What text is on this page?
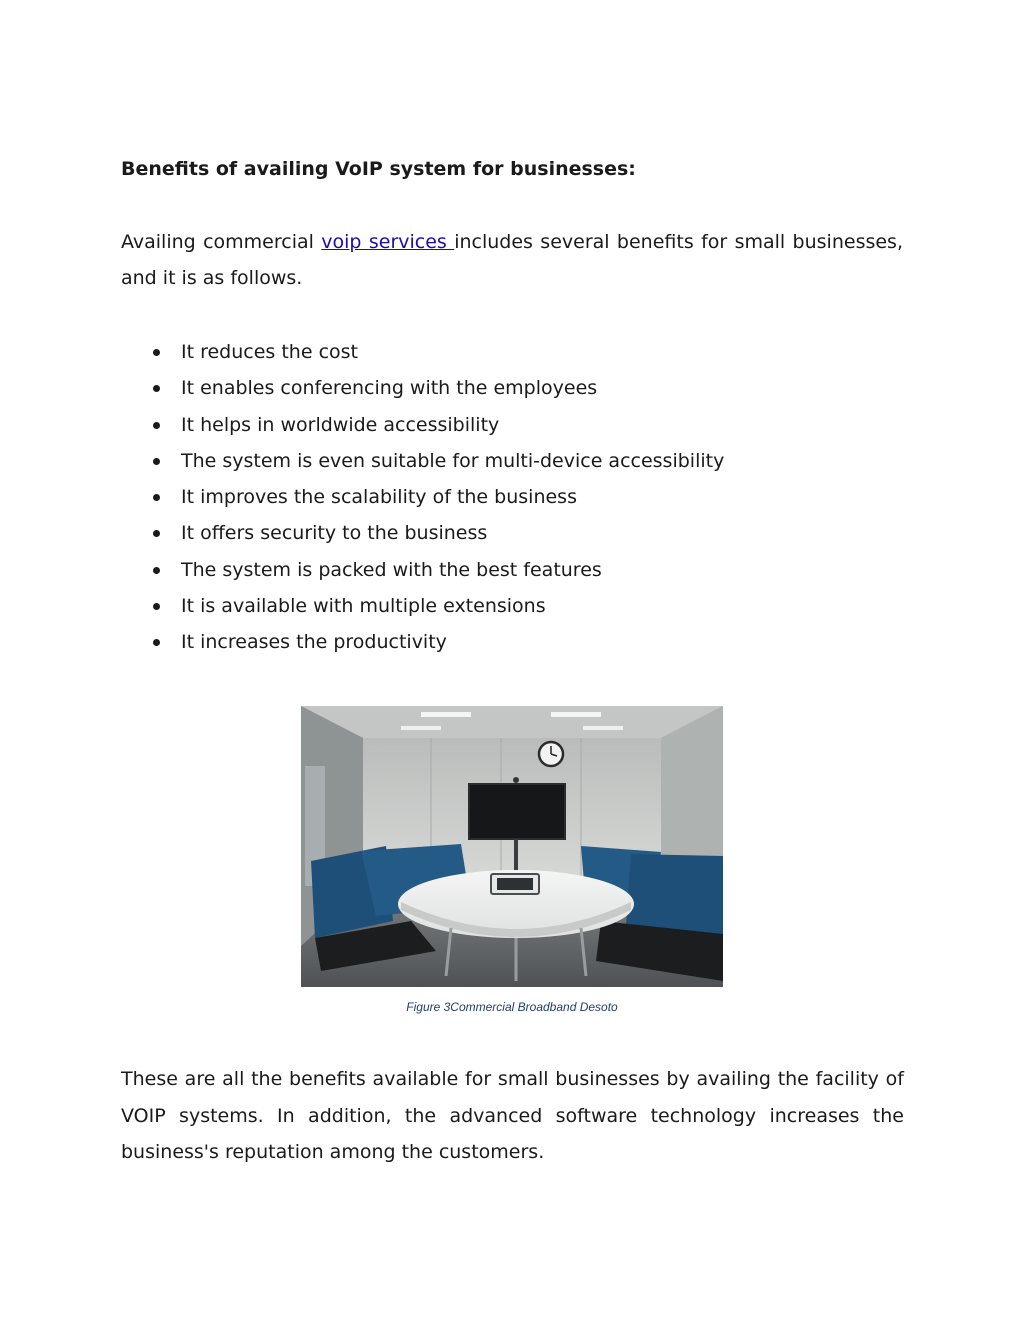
Benefits of availing VoIP system for businesses:

Availing commercial voip services includes several benefits for small businesses, and it is as follows.

It reduces the cost
It enables conferencing with the employees
It helps in worldwide accessibility
The system is even suitable for multi-device accessibility
It improves the scalability of the business
It offers security to the business
The system is packed with the best features
It is available with multiple extensions
It increases the productivity
Figure 3Commercial Broadband Desoto

These are all the benefits available for small businesses by availing the facility of VOIP systems. In addition, the advanced software technology increases the business's reputation among the customers.
